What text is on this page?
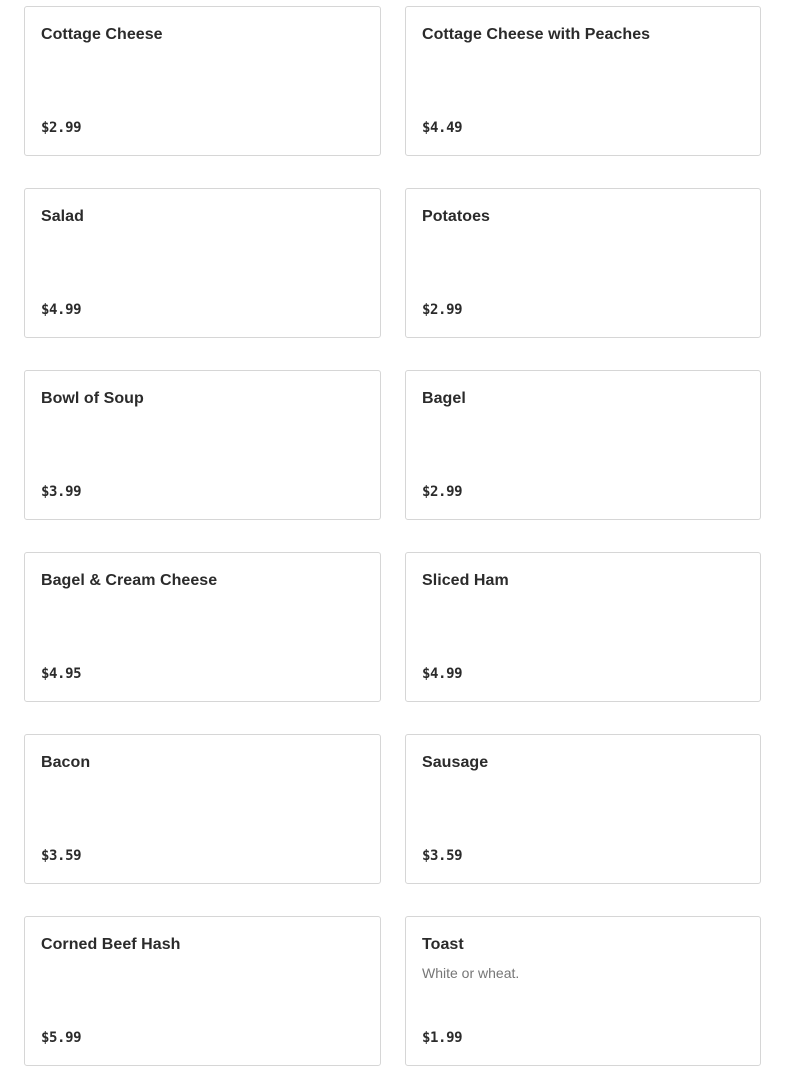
Cottage Cheese
$2.99
Cottage Cheese with Peaches
$4.49
Salad
$4.99
Potatoes
$2.99
Bowl of Soup
$3.99
Bagel
$2.99
Bagel & Cream Cheese
$4.95
Sliced Ham
$4.99
Bacon
$3.59
Sausage
$3.59
Corned Beef Hash
$5.99
Toast
White or wheat.
$1.99
